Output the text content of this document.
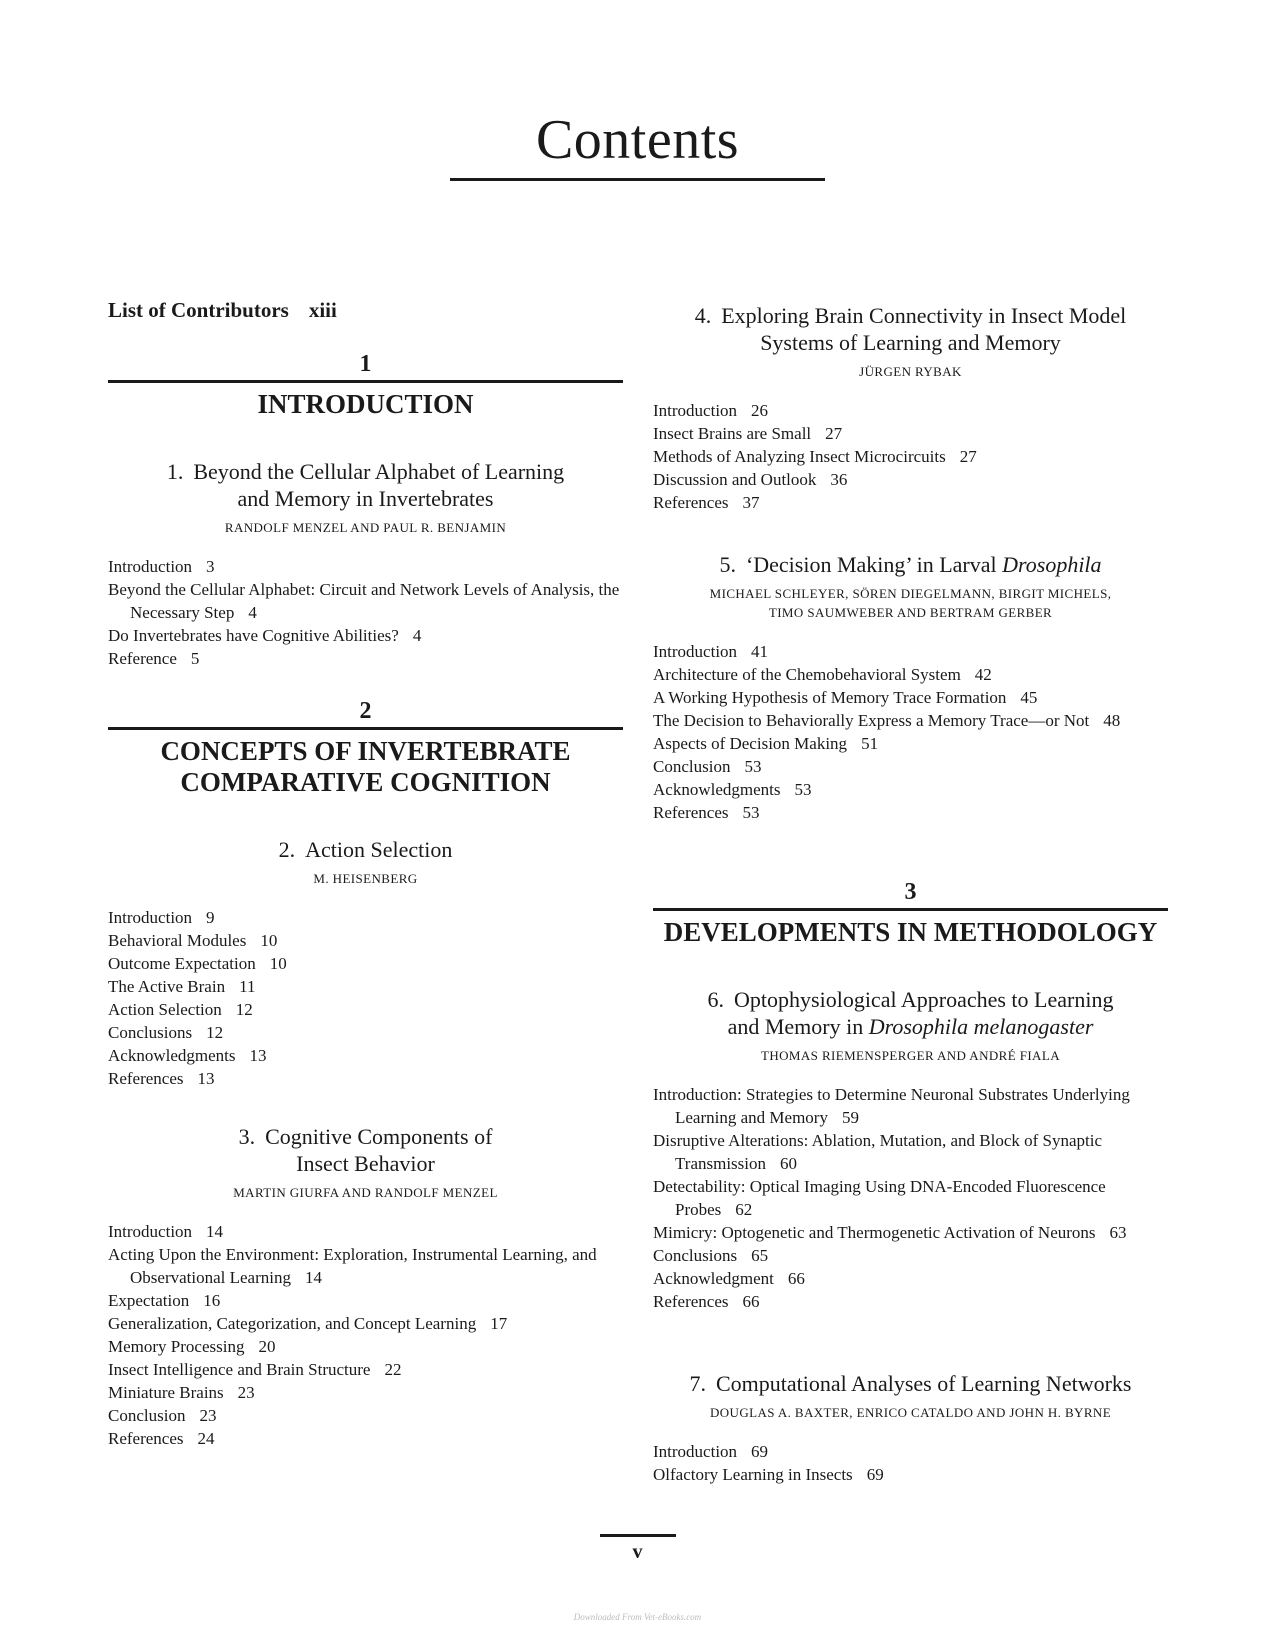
Contents
List of Contributors xiii
1
INTRODUCTION
1. Beyond the Cellular Alphabet of Learning
and Memory in Invertebrates
RANDOLF MENZEL AND PAUL R. BENJAMIN
Introduction 3
Beyond the Cellular Alphabet: Circuit and Network Levels of Analysis, the Necessary Step 4
Do Invertebrates have Cognitive Abilities? 4
Reference 5
2
CONCEPTS OF INVERTEBRATE
COMPARATIVE COGNITION
2. Action Selection
M. HEISENBERG
Introduction 9
Behavioral Modules 10
Outcome Expectation 10
The Active Brain 11
Action Selection 12
Conclusions 12
Acknowledgments 13
References 13
3. Cognitive Components of
Insect Behavior
MARTIN GIURFA AND RANDOLF MENZEL
Introduction 14
Acting Upon the Environment: Exploration, Instrumental Learning, and Observational Learning 14
Expectation 16
Generalization, Categorization, and Concept Learning 17
Memory Processing 20
Insect Intelligence and Brain Structure 22
Miniature Brains 23
Conclusion 23
References 24
4. Exploring Brain Connectivity in Insect Model
Systems of Learning and Memory
JÜRGEN RYBAK
Introduction 26
Insect Brains are Small 27
Methods of Analyzing Insect Microcircuits 27
Discussion and Outlook 36
References 37
5. ‘Decision Making’ in Larval Drosophila
MICHAEL SCHLEYER, SÖREN DIEGELMANN, BIRGIT MICHELS,
TIMO SAUMWEBER AND BERTRAM GERBER
Introduction 41
Architecture of the Chemobehavioral System 42
A Working Hypothesis of Memory Trace Formation 45
The Decision to Behaviorally Express a Memory Trace—or Not 48
Aspects of Decision Making 51
Conclusion 53
Acknowledgments 53
References 53
3
DEVELOPMENTS IN METHODOLOGY
6. Optophysiological Approaches to Learning
and Memory in Drosophila melanogaster
THOMAS RIEMENSPERGER AND ANDRÉ FIALA
Introduction: Strategies to Determine Neuronal Substrates Underlying Learning and Memory 59
Disruptive Alterations: Ablation, Mutation, and Block of Synaptic Transmission 60
Detectability: Optical Imaging Using DNA-Encoded Fluorescence Probes 62
Mimicry: Optogenetic and Thermogenetic Activation of Neurons 63
Conclusions 65
Acknowledgment 66
References 66
7. Computational Analyses of Learning Networks
DOUGLAS A. BAXTER, ENRICO CATALDO AND JOHN H. BYRNE
Introduction 69
Olfactory Learning in Insects 69
v
Downloaded From Vet-eBooks.com
